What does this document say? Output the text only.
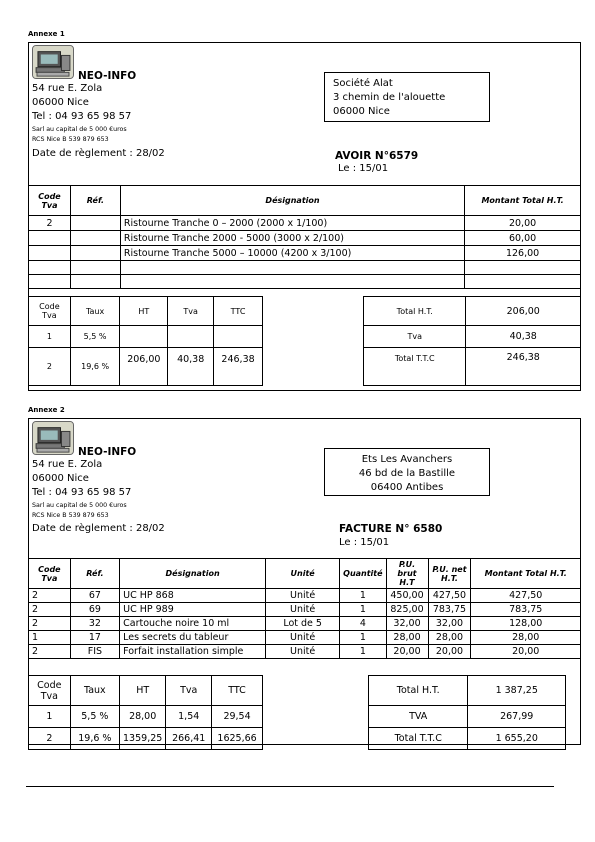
Annexe 1
NEO-INFO
54 rue E. Zola
06000 Nice
Tel : 04 93 65 98 57
Sarl au capital de 5 000 €uros
RCS Nice B 539 879 653
Date de règlement : 28/02
Société Alat
3 chemin de l'alouette
06000 Nice
AVOIR N°6579
Le : 15/01
Code Tva	Réf.	Désignation	Montant Total H.T.
2		Ristourne Tranche 0 – 2000 (2000 x 1/100)	20,00
		Ristourne Tranche 2000 - 5000 (3000 x 2/100)	60,00
		Ristourne Tranche 5000 – 10000 (4200 x 3/100)	126,00

Code Tva	Taux	HT	Tva	TTC
1	5,5 %			
2	19,6 %	206,00	40,38	246,38
Total H.T.	206,00
Tva	40,38
Total T.T.C	246,38
Annexe 2
NEO-INFO
54 rue E. Zola
06000 Nice
Tel : 04 93 65 98 57
Sarl au capital de 5 000 €uros
RCS Nice B 539 879 653
Date de règlement : 28/02
Ets Les Avanchers
46 bd de la Bastille
06400 Antibes
FACTURE N° 6580
Le : 15/01
Code Tva	Réf.	Désignation	Unité	Quantité	P.U. brut H.T	P.U. net H.T.	Montant Total H.T.
2	67	UC HP 868	Unité	1	450,00	427,50	427,50
2	69	UC HP 989	Unité	1	825,00	783,75	783,75
2	32	Cartouche noire 10 ml	Lot de 5	4	32,00	32,00	128,00
1	17	Les secrets du tableur	Unité	1	28,00	28,00	28,00
2	FIS	Forfait installation simple	Unité	1	20,00	20,00	20,00
Code Tva	Taux	HT	Tva	TTC
1	5,5 %	28,00	1,54	29,54
2	19,6 %	1359,25	266,41	1625,66
Total H.T.	1 387,25
TVA	267,99
Total T.T.C	1 655,20
